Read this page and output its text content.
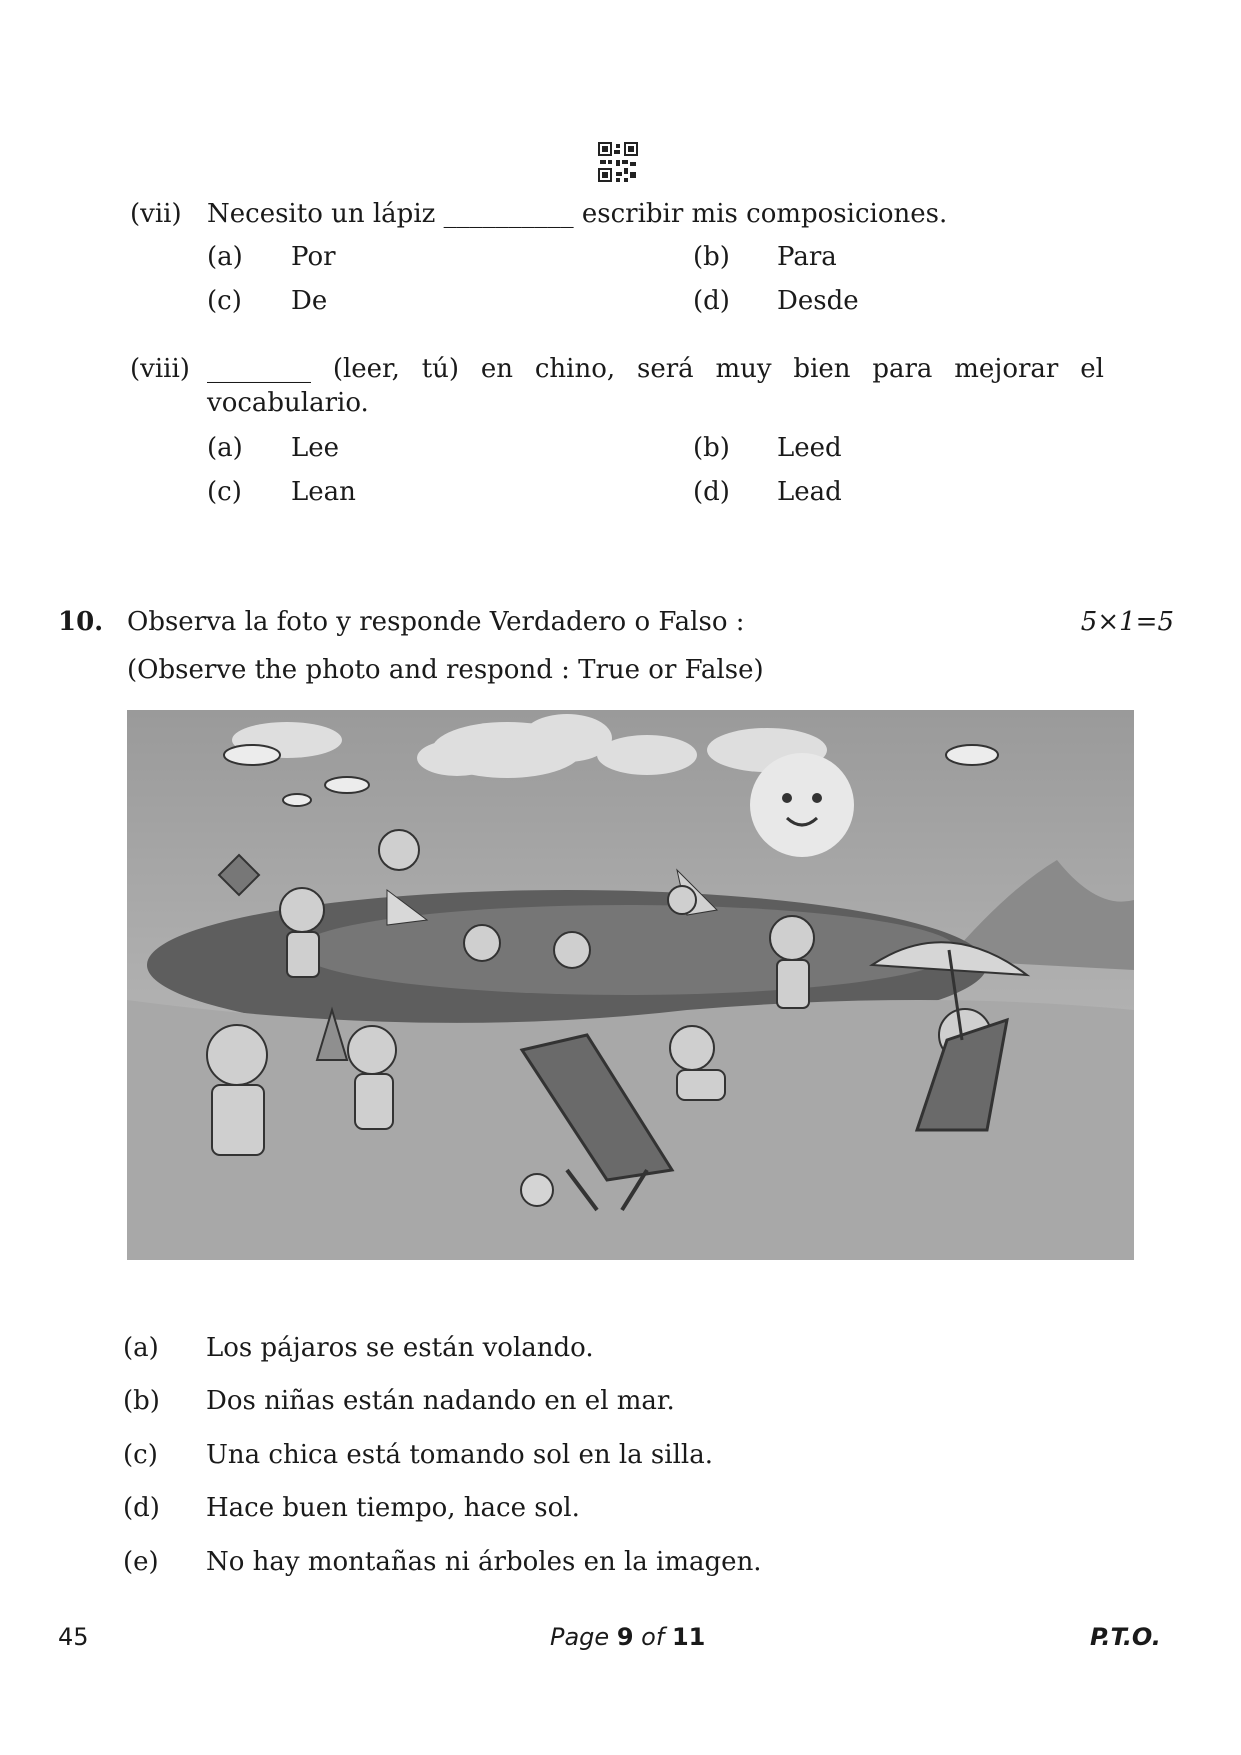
(vii) Necesito un lápiz __________ escribir mis composiciones.
(a) Por	(b) Para
(c) De	(d) Desde
(viii) ________ (leer, tú) en chino, será muy bien para mejorar el
vocabulario.
(a) Lee	(b) Leed
(c) Lean	(d) Lead
10. Observa la foto y responde Verdadero o Falso :	5×1=5
(Observe the photo and respond : True or False)
(a) Los pájaros se están volando.
(b) Dos niñas están nadando en el mar.
(c) Una chica está tomando sol en la silla.
(d) Hace buen tiempo, hace sol.
(e) No hay montañas ni árboles en la imagen.
45	Page 9 of 11	P.T.O.
